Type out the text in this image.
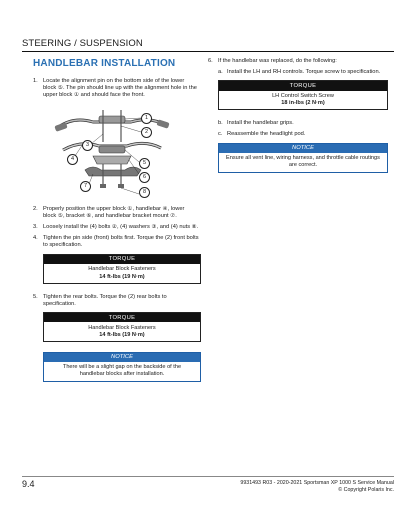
STEERING / SUSPENSION
HANDLEBAR INSTALLATION
1. Locate the alignment pin on the bottom side of the lower block ⑤. The pin should line up with the alignment hole in the upper block ① and should face the front.
1
2
3
4
5
6
7
8
2. Properly position the upper block ①, handlebar ④, lower block ⑤, bracket ⑥, and handlebar bracket mount ⑦.
3. Loosely install the (4) bolts ②, (4) washers ③, and (4) nuts ⑧.
4. Tighten the pin side (front) bolts first. Torque the (2) front bolts to specification.
TORQUE
Handlebar Block Fasteners
14 ft-lbs (19 N·m)
5. Tighten the rear bolts. Torque the (2) rear bolts to specification.
TORQUE
Handlebar Block Fasteners
14 ft-lbs (19 N·m)
NOTICE
There will be a slight gap on the backside of the handlebar blocks after installation.
6. If the handlebar was replaced, do the following:
a. Install the LH and RH controls. Torque screw to specification.
TORQUE
LH Control Switch Screw
18 in-lbs (2 N·m)
b. Install the handlebar grips.
c. Reassemble the headlight pod.
NOTICE
Ensure all vent line, wiring harness, and throttle cable routings are correct.
9.4	9931493 R03 - 2020-2021 Sportsman XP 1000 S Service Manual
© Copyright Polaris Inc.
